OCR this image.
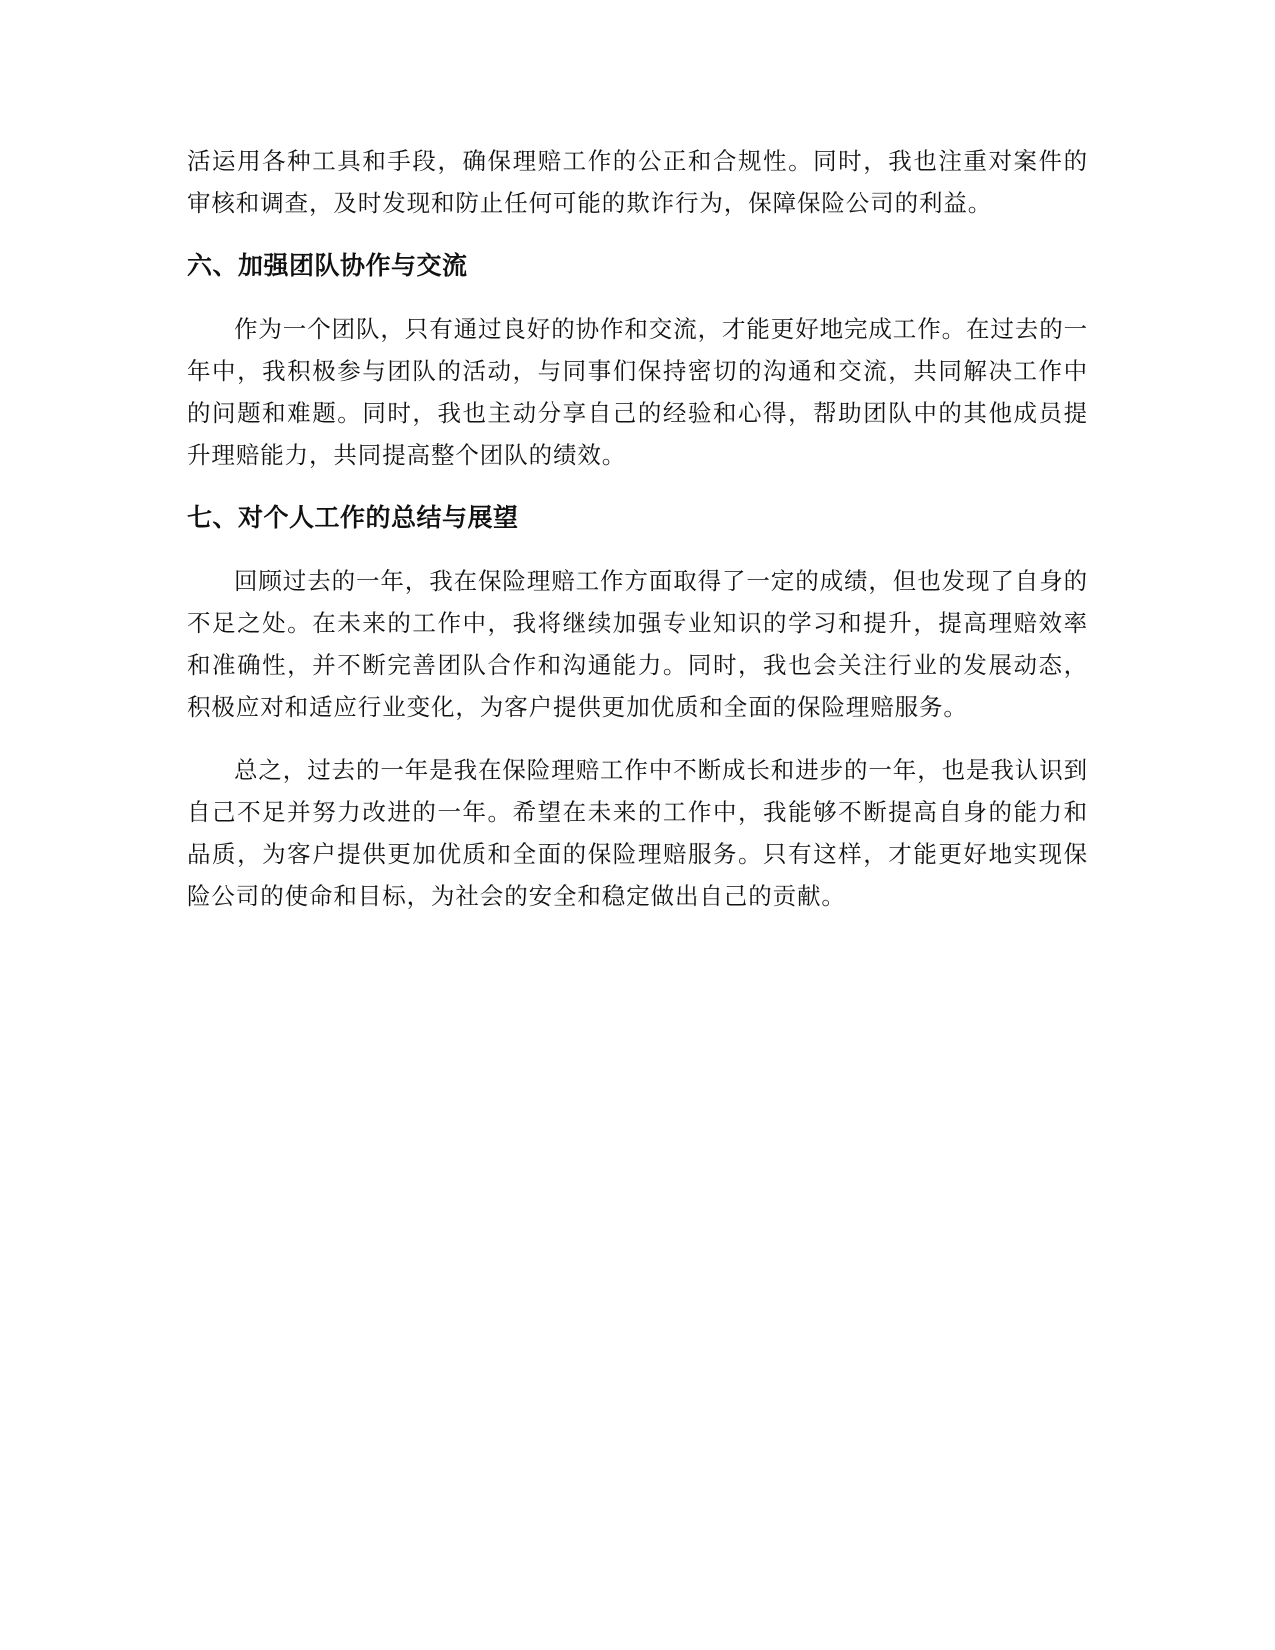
活运用各种工具和手段，确保理赔工作的公正和合规性。同时，我也注重对案件的审核和调查，及时发现和防止任何可能的欺诈行为，保障保险公司的利益。

六、加强团队协作与交流

作为一个团队，只有通过良好的协作和交流，才能更好地完成工作。在过去的一年中，我积极参与团队的活动，与同事们保持密切的沟通和交流，共同解决工作中的问题和难题。同时，我也主动分享自己的经验和心得，帮助团队中的其他成员提升理赔能力，共同提高整个团队的绩效。

七、对个人工作的总结与展望

回顾过去的一年，我在保险理赔工作方面取得了一定的成绩，但也发现了自身的不足之处。在未来的工作中，我将继续加强专业知识的学习和提升，提高理赔效率和准确性，并不断完善团队合作和沟通能力。同时，我也会关注行业的发展动态，积极应对和适应行业变化，为客户提供更加优质和全面的保险理赔服务。

总之，过去的一年是我在保险理赔工作中不断成长和进步的一年，也是我认识到自己不足并努力改进的一年。希望在未来的工作中，我能够不断提高自身的能力和品质，为客户提供更加优质和全面的保险理赔服务。只有这样，才能更好地实现保险公司的使命和目标，为社会的安全和稳定做出自己的贡献。
